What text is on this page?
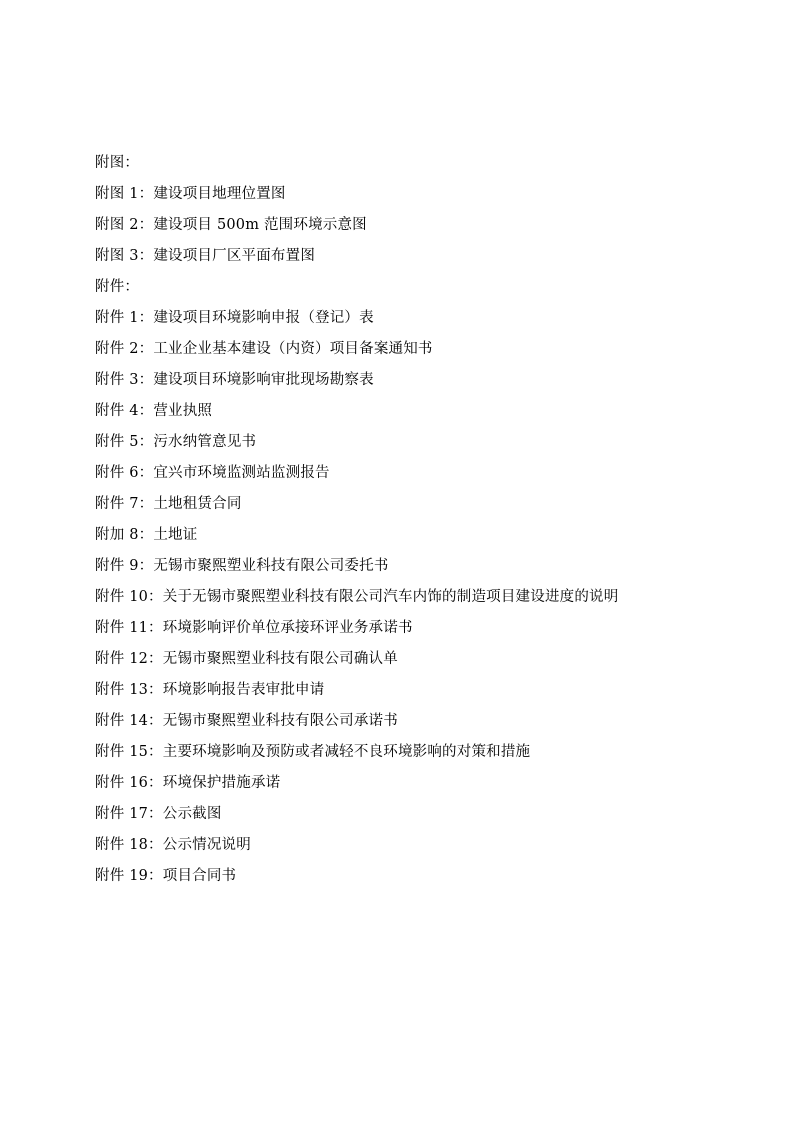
附图：
附图 1：建设项目地理位置图
附图 2：建设项目 500m 范围环境示意图
附图 3：建设项目厂区平面布置图
附件：
附件 1：建设项目环境影响申报（登记）表
附件 2：工业企业基本建设（内资）项目备案通知书
附件 3：建设项目环境影响审批现场勘察表
附件 4：营业执照
附件 5：污水纳管意见书
附件 6：宜兴市环境监测站监测报告
附件 7：土地租赁合同
附加 8：土地证
附件 9：无锡市聚熙塑业科技有限公司委托书
附件 10：关于无锡市聚熙塑业科技有限公司汽车内饰的制造项目建设进度的说明
附件 11：环境影响评价单位承接环评业务承诺书
附件 12：无锡市聚熙塑业科技有限公司确认单
附件 13：环境影响报告表审批申请
附件 14：无锡市聚熙塑业科技有限公司承诺书
附件 15：主要环境影响及预防或者减轻不良环境影响的对策和措施
附件 16：环境保护措施承诺
附件 17：公示截图
附件 18：公示情况说明
附件 19：项目合同书
